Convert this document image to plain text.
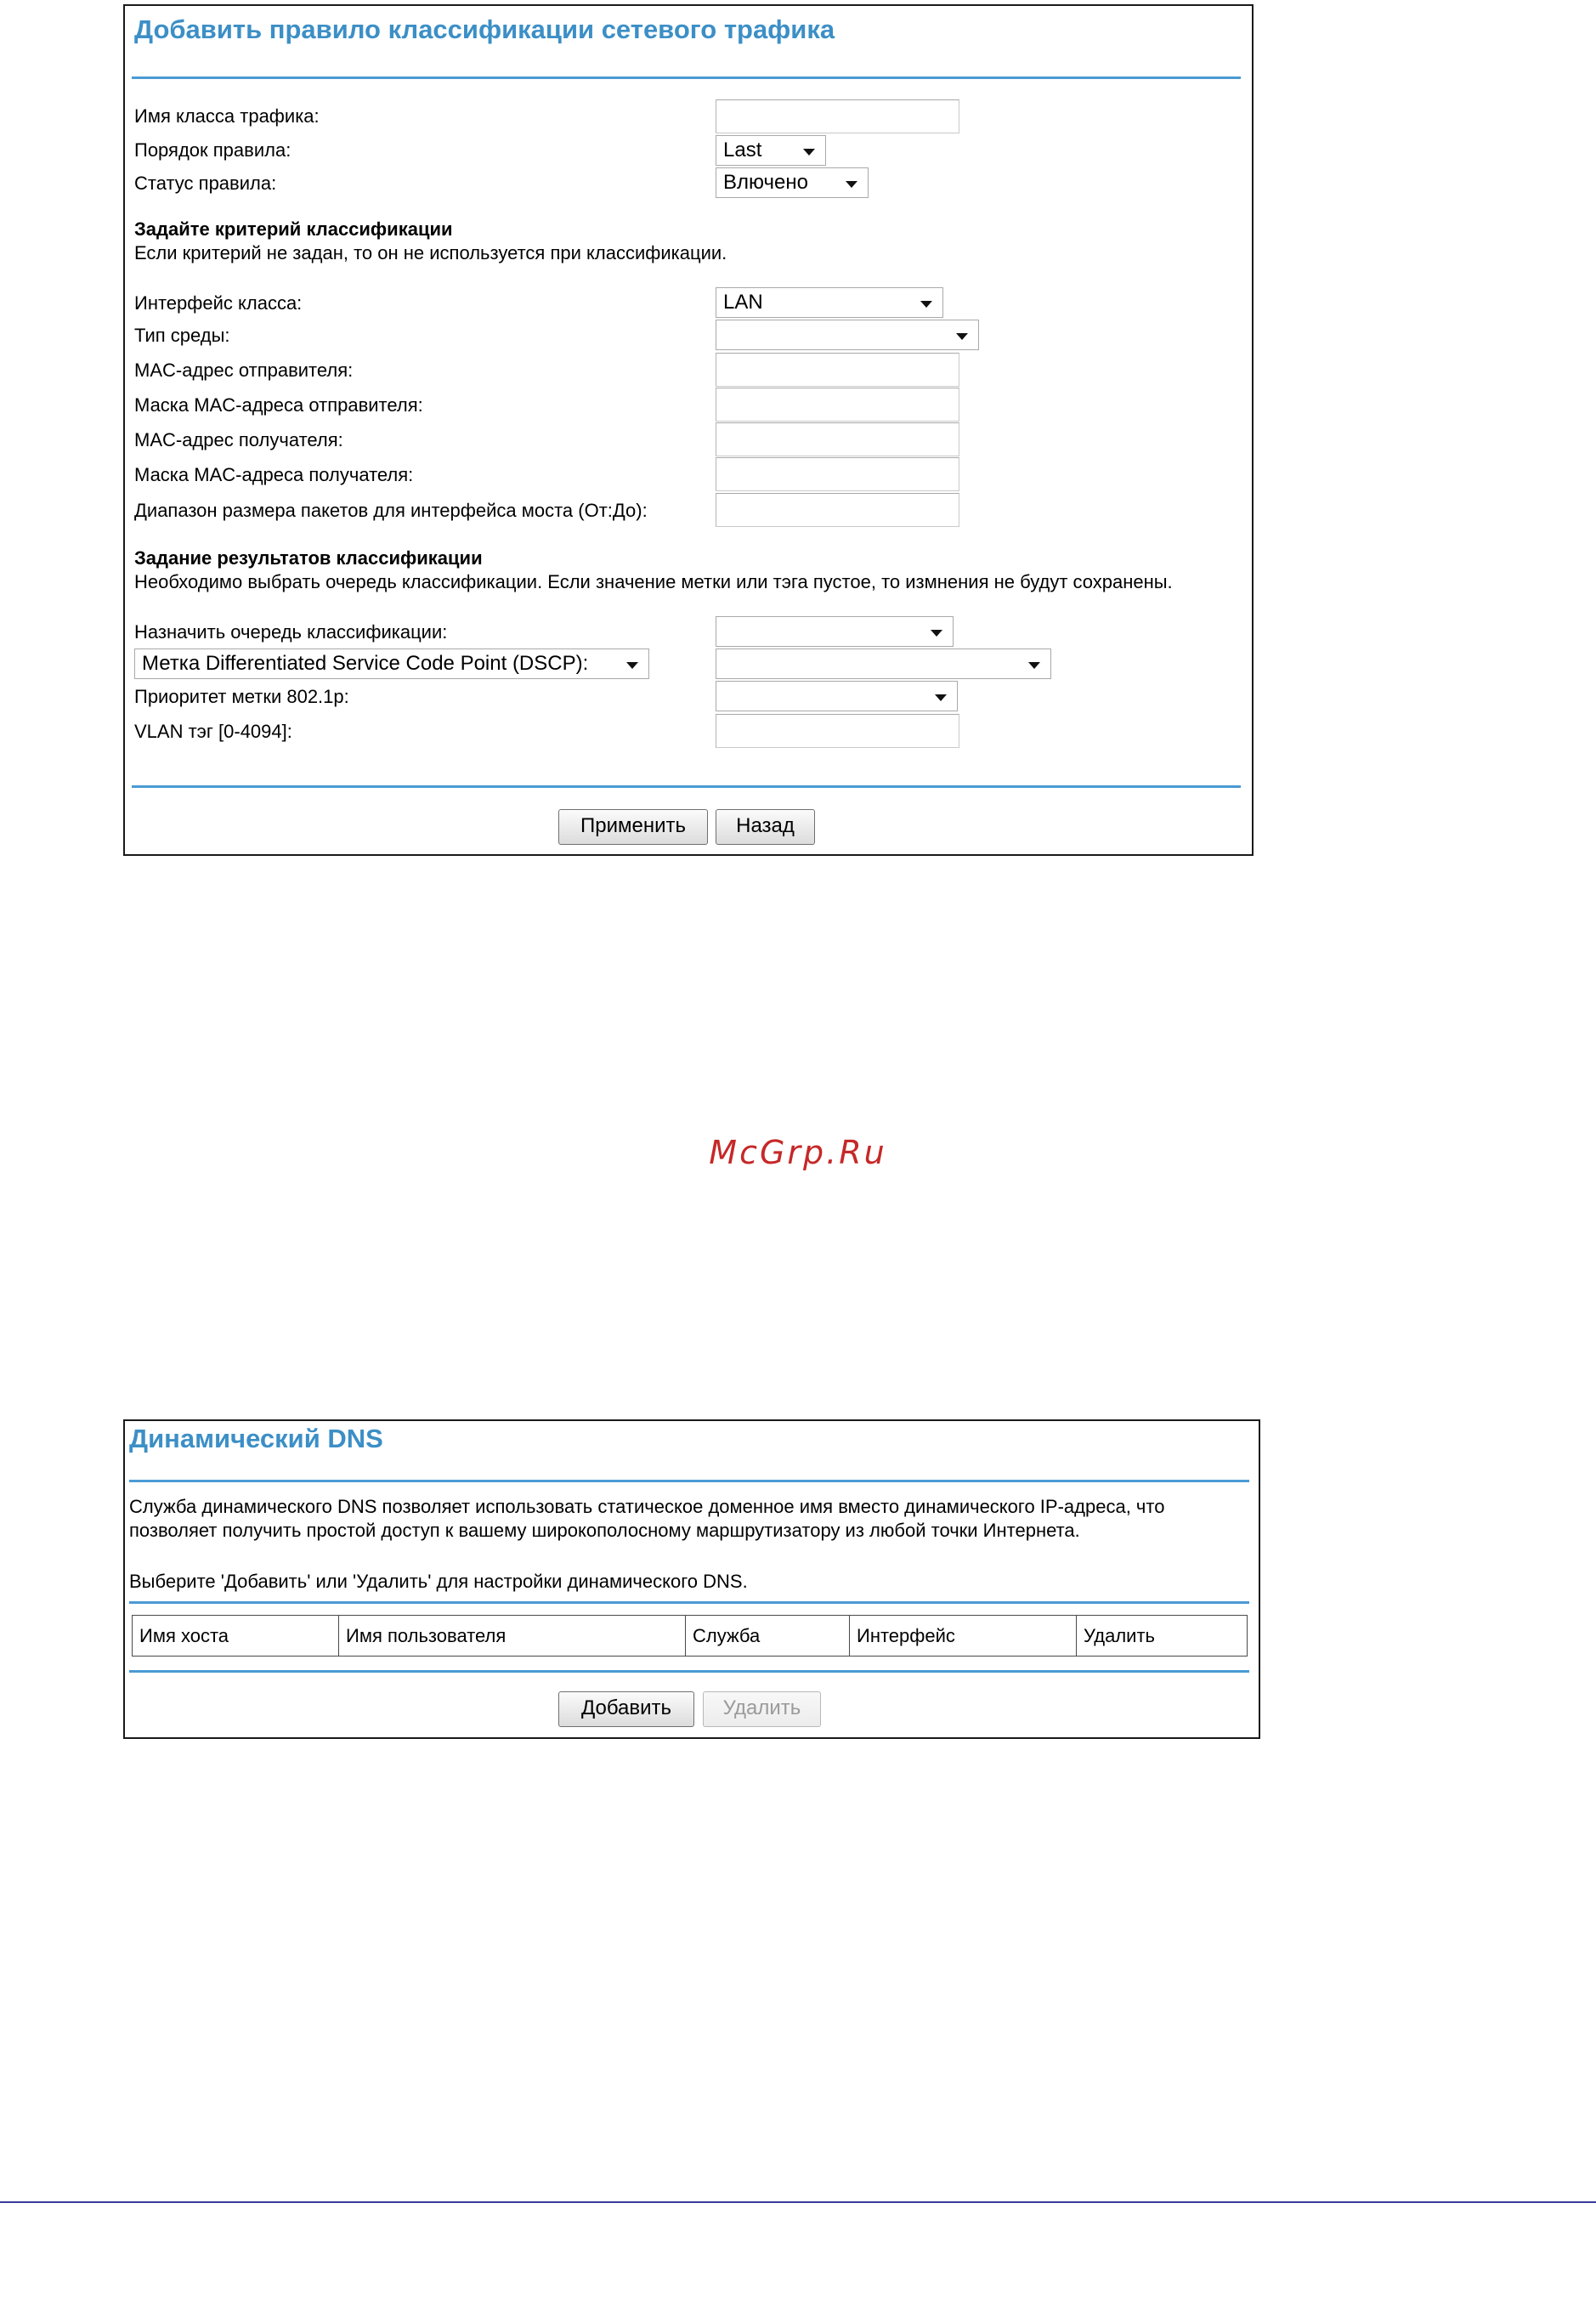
Добавить правило классификации сетевого трафика
Имя класса трафика:
Порядок правила:	Last
Статус правила:	Влючено
Задайте критерий классификации
Если критерий не задан, то он не используется при классификации.
Интерфейс класса:	LAN
Тип среды:
MAC-адрес отправителя:
Маска MAC-адреса отправителя:
MAC-адрес получателя:
Маска MAC-адреса получателя:
Диапазон размера пакетов для интерфейса моста (От:До):
Задание результатов классификации
Необходимо выбрать очередь классификации. Если значение метки или тэга пустое, то измнения не будут сохранены.
Назначить очередь классификации:
Метка Differentiated Service Code Point (DSCP):
Приоритет метки 802.1p:
VLAN тэг [0-4094]:
Применить	Назад
McGrp.Ru
Динамический DNS
Служба динамического DNS позволяет использовать статическое доменное имя вместо динамического IP-адреса, что
позволяет получить простой доступ к вашему широкополосному маршрутизатору из любой точки Интернета.
Выберите 'Добавить' или 'Удалить' для настройки динамического DNS.
Имя хоста	Имя пользователя	Служба	Интерфейс	Удалить
Добавить	Удалить
